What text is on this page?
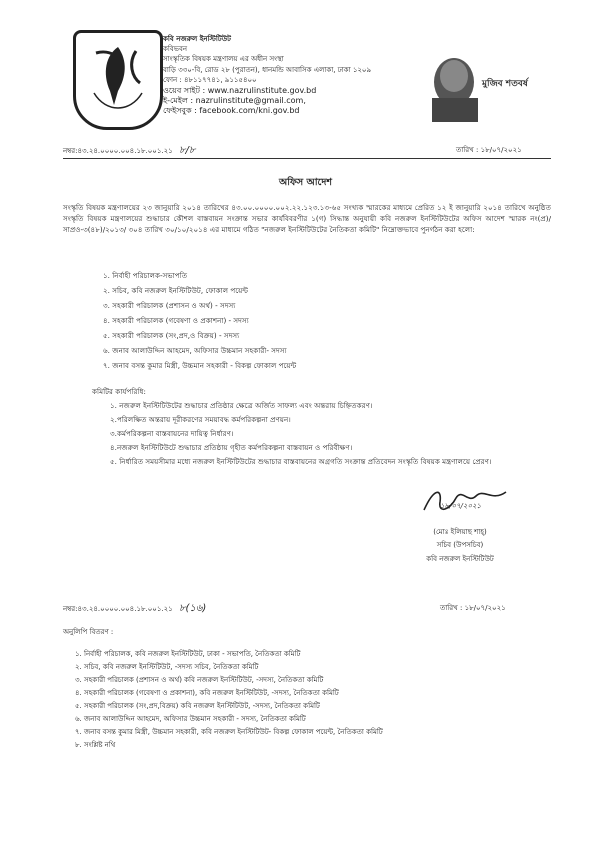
কবি নজরুল ইনস্টিটিউট
কবিভবন
সাংস্কৃতিক বিষয়ক মন্ত্রণালয় এর অধীন সংস্থা
বাড়ি ৩৩০-বি, রোড ২৮ (পুরাতন), ধানমন্ডি আবাসিক এলাকা, ঢাকা ১২০৯
ফোন : ৪৮১১৭৭৪১, ৯১১৫৪০০
ওয়েব সাইট : www.nazrulinstitute.gov.bd
ই-মেইল : nazrulinstitute@gmail.com,
ফেইসবুক : facebook.com/kni.gov.bd
মুজিব শতবর্ষ
নম্বর:৪৩.২৪.০০০০.০০৪.১৮.০০১.২১ ৮/৮	তারিখ : ১৮/০৭/২০২১
অফিস আদেশ
সংস্কৃতি বিষয়ক মন্ত্রণালয়ের ২৩ জানুয়ারি ২০১৪ তারিখের ৪৩.০০.০০০০.০০২.২২.১২৩.১৩-৬৫ সংখ্যক স্মারকের মাধ্যমে প্রেরিত ১২ ই জানুয়ারি ২০১৪ তারিখে অনুষ্ঠিত সংস্কৃতি বিষয়ক মন্ত্রণালয়ের শুদ্ধাচার কৌশল বাস্তবায়ন সংক্রান্ত সভার কার্যবিবরণীর ১(গ) সিদ্ধান্ত অনুযায়ী কবি নজরুল ইনস্টিটিউটের অফিস আদেশ স্মারক নং(প্র)/ সাপ্রও-৩(৪৮)/২০১৩/ ৩০৪ তারিখ ৩০/১০/২০১৪ এর মাধ্যমে গঠিত "নজরুল ইনস্টিটিউটের নৈতিকতা কমিটি" নিম্নোক্তভাবে পুনর্গঠন করা হলো:
১. নির্বাহী পরিচালক-সভাপতি
২. সচিব, কবি নজরুল ইনস্টিটিউট, ফোকাল পয়েন্ট
৩. সহকারী পরিচালক (প্রশাসন ও অর্থ) - সদস্য
৪. সহকারী পরিচালক (গবেষণা ও প্রকাশনা) - সদস্য
৫. সহকারী পরিচালক (সং,প্রদ,ও বিক্রয়) - সদস্য
৬. জনাব আলাউদ্দিন আহমেদ, অফিসার উচ্চমান সহকারী- সদস্য
৭. জনাব বসন্ত কুমার মিস্ত্রী, উচ্চমান সহকারী - বিকল্প ফোকাল পয়েন্ট
কমিটির কার্যপরিধি:
১. নজরুল ইনস্টিটিউটের শুদ্ধাচার প্রতিষ্ঠার ক্ষেত্রে অর্জিত সাফল্য এবং অন্তরায় চিহ্নিতকরণ।
২.পরিলক্ষিত অন্তরায় দূরীকরণের সময়াবদ্ধ কর্মপরিকল্পনা প্রণয়ন।
৩.কর্মপরিকল্পনা বাস্তবায়নের দায়িত্ব নির্ধারণ।
৪.নজরুল ইনস্টিটিউটে শুদ্ধাচার প্রতিষ্ঠায় গৃহীত কর্মপরিকল্পনা বাস্তবায়ন ও পরিবীক্ষণ।
৫. নির্ধারিত সময়সীমার মধ্যে নজরুল ইনস্টিটিউটের শুদ্ধাচার বাস্তবায়নের অগ্রগতি সংক্রান্ত প্রতিবেদন সংস্কৃতি বিষয়ক মন্ত্রণালয়ে প্রেরণ।
১৮/০৭/২০২১
(মোঃ ইলিয়াছ শাহ্)
সচিব (উপসচিব)
কবি নজরুল ইনস্টিটিউট
নম্বর:৪৩.২৪.০০০০.০০৪.১৮.০০১.২১ ৮(১৬)	তারিখ : ১৮/০৭/২০২১
অনুলিপি বিতরণ :
১. নির্বাহী পরিচালক, কবি নজরুল ইনস্টিটিউট, ঢাকা - সভাপতি, নৈতিকতা কমিটি
২. সচিব, কবি নজরুল ইনস্টিটিউট, -সদস্য সচিব, নৈতিকতা কমিটি
৩. সহকারী পরিচালক (প্রশাসন ও অর্থ) কবি নজরুল ইনস্টিটিউট, -সদস্য, নৈতিকতা কমিটি
৪. সহকারী পরিচালক (গবেষণা ও প্রকাশনা), কবি নজরুল ইনস্টিটিউট, -সদস্য, নৈতিকতা কমিটি
৫. সহকারী পরিচালক (সং,প্রদ,বিক্রয়) কবি নজরুল ইনস্টিটিউট, -সদস্য, নৈতিকতা কমিটি
৬. জনাব আলাউদ্দিন আহমেদ, অফিসার উচ্চমান সহকারী - সদস্য, নৈতিকতা কমিটি
৭. জনাব বসন্ত কুমার মিস্ত্রী, উচ্চমান সহকারী, কবি নজরুল ইনস্টিটিউট- বিকল্প ফোকাল পয়েন্ট, নৈতিকতা কমিটি
৮. সংশ্লিষ্ট নথি
